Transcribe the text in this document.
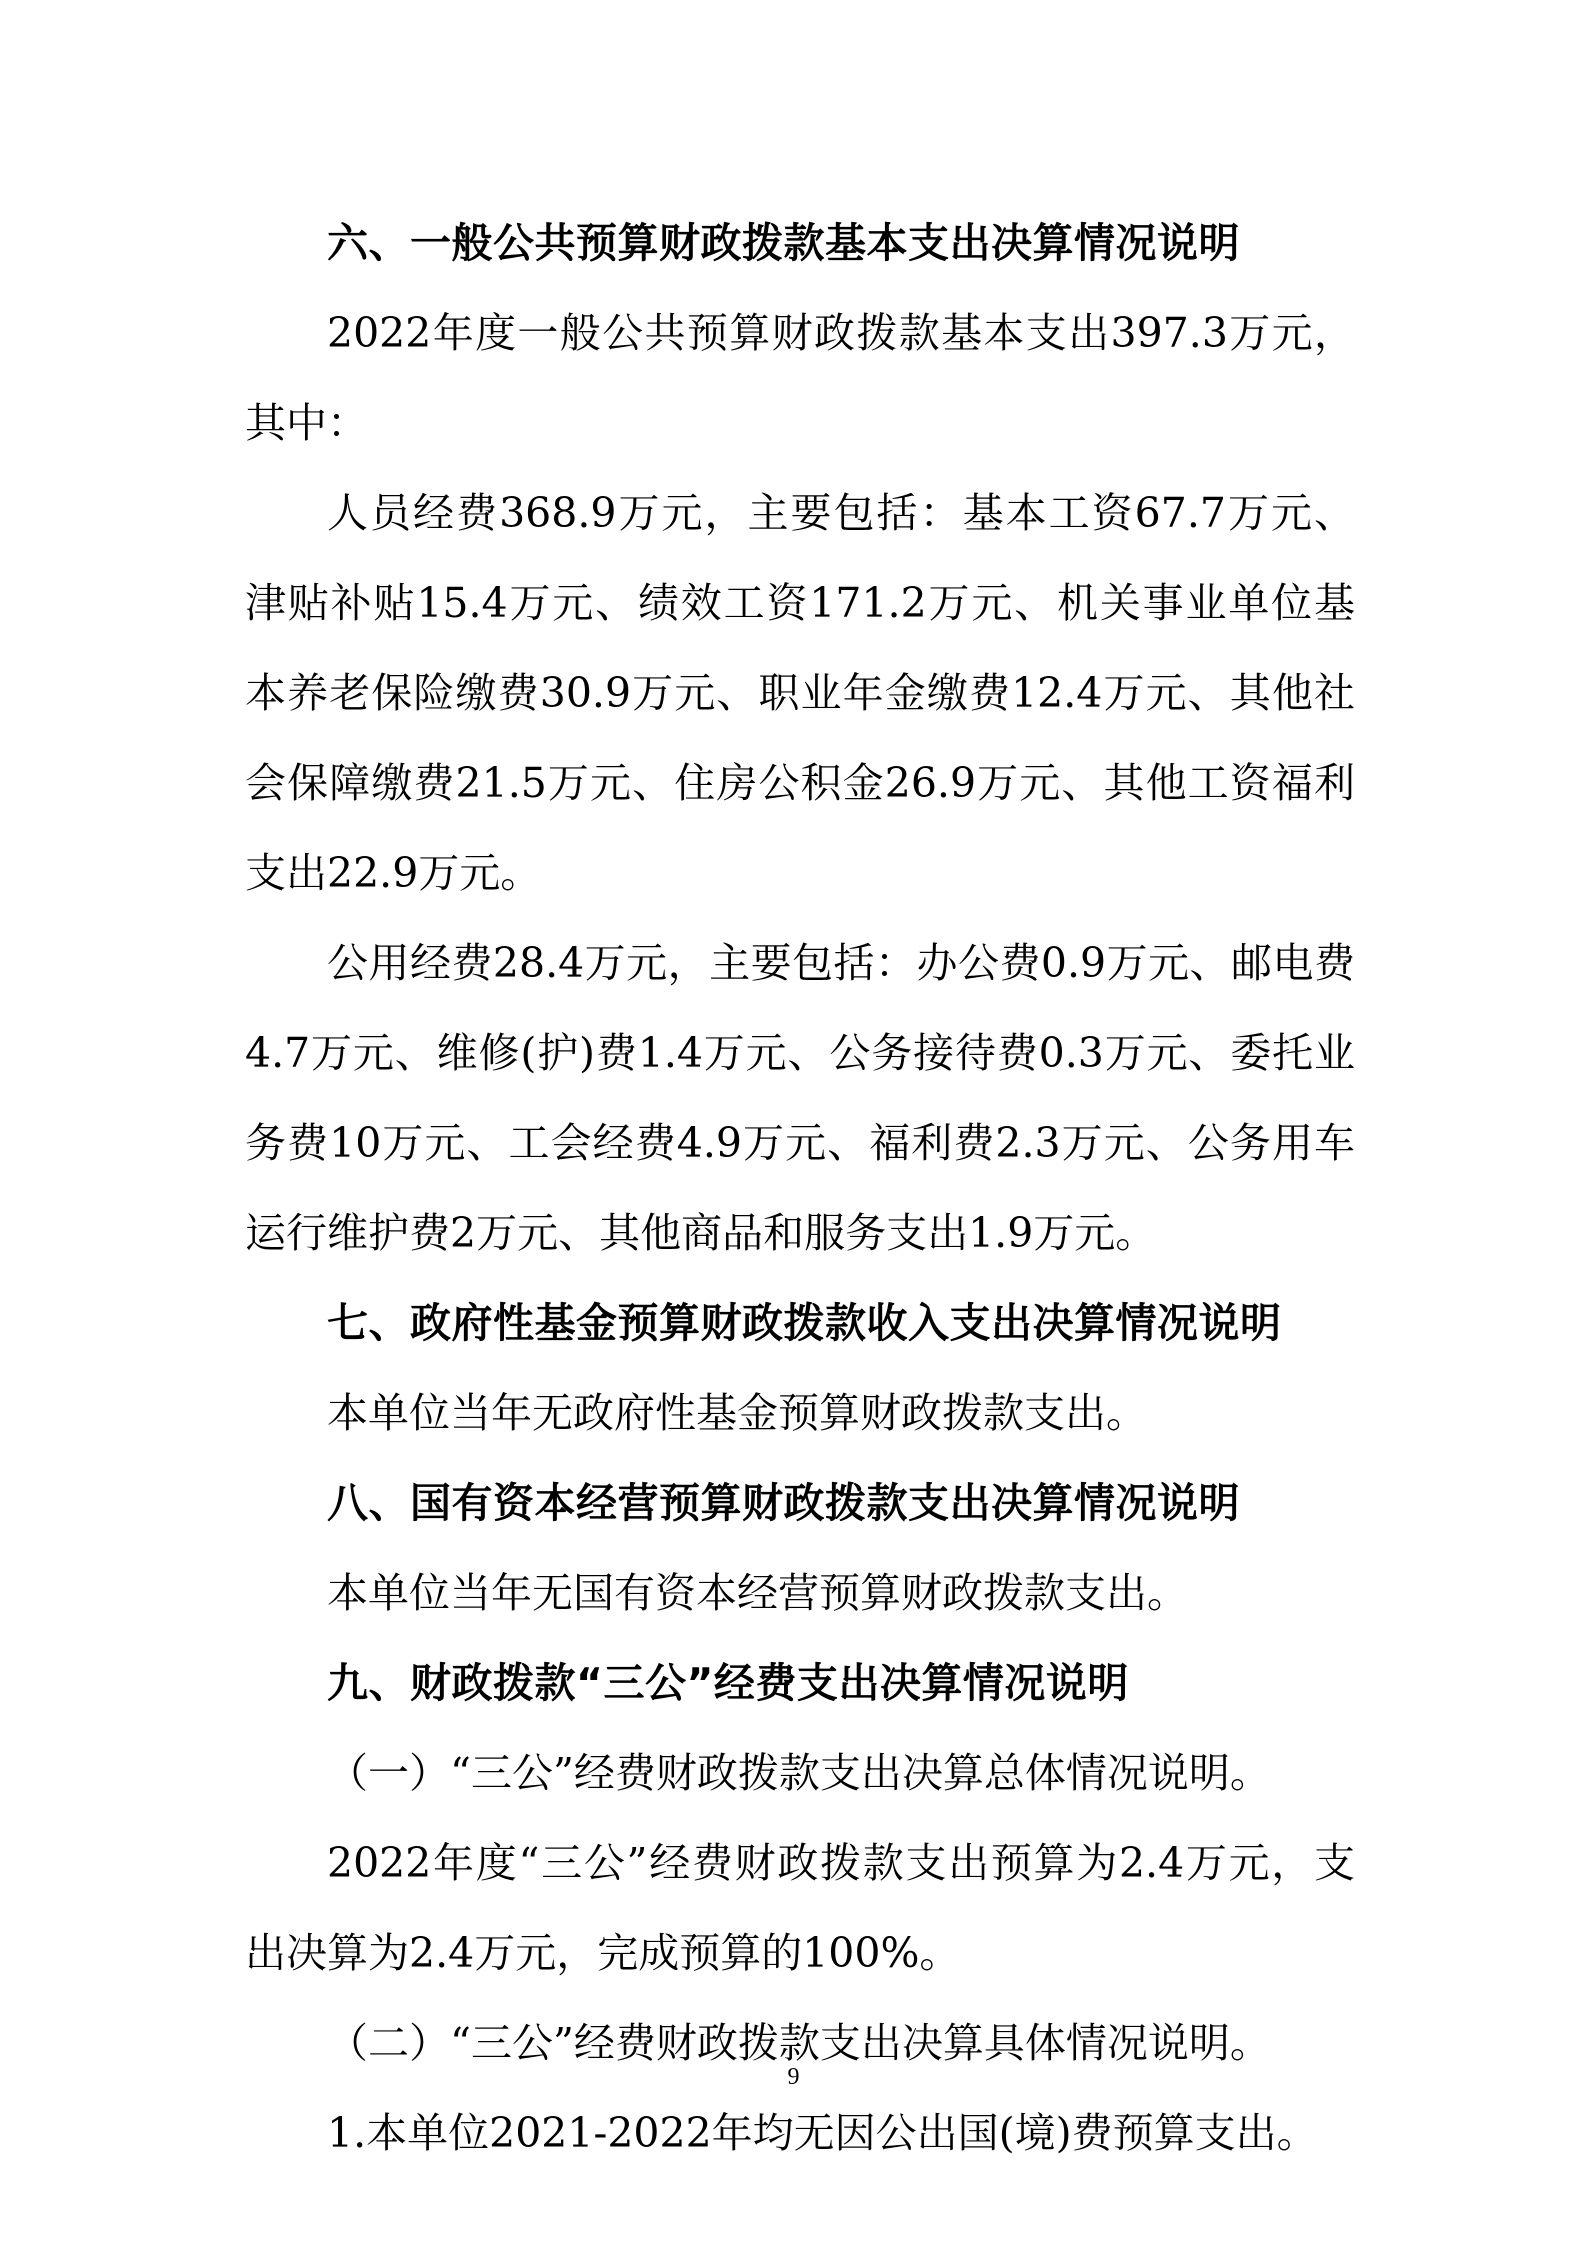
六、一般公共预算财政拨款基本支出决算情况说明

2022年度一般公共预算财政拨款基本支出397.3万元，其中：

人员经费368.9万元，主要包括：基本工资67.7万元、津贴补贴15.4万元、绩效工资171.2万元、机关事业单位基本养老保险缴费30.9万元、职业年金缴费12.4万元、其他社会保障缴费21.5万元、住房公积金26.9万元、其他工资福利支出22.9万元。

公用经费28.4万元，主要包括：办公费0.9万元、邮电费4.7万元、维修(护)费1.4万元、公务接待费0.3万元、委托业务费10万元、工会经费4.9万元、福利费2.3万元、公务用车运行维护费2万元、其他商品和服务支出1.9万元。

七、政府性基金预算财政拨款收入支出决算情况说明

本单位当年无政府性基金预算财政拨款支出。

八、国有资本经营预算财政拨款支出决算情况说明

本单位当年无国有资本经营预算财政拨款支出。

九、财政拨款“三公”经费支出决算情况说明

（一）“三公”经费财政拨款支出决算总体情况说明。

2022年度“三公”经费财政拨款支出预算为2.4万元，支出决算为2.4万元，完成预算的100%。

（二）“三公”经费财政拨款支出决算具体情况说明。

1.本单位2021-2022年均无因公出国(境)费预算支出。

9
